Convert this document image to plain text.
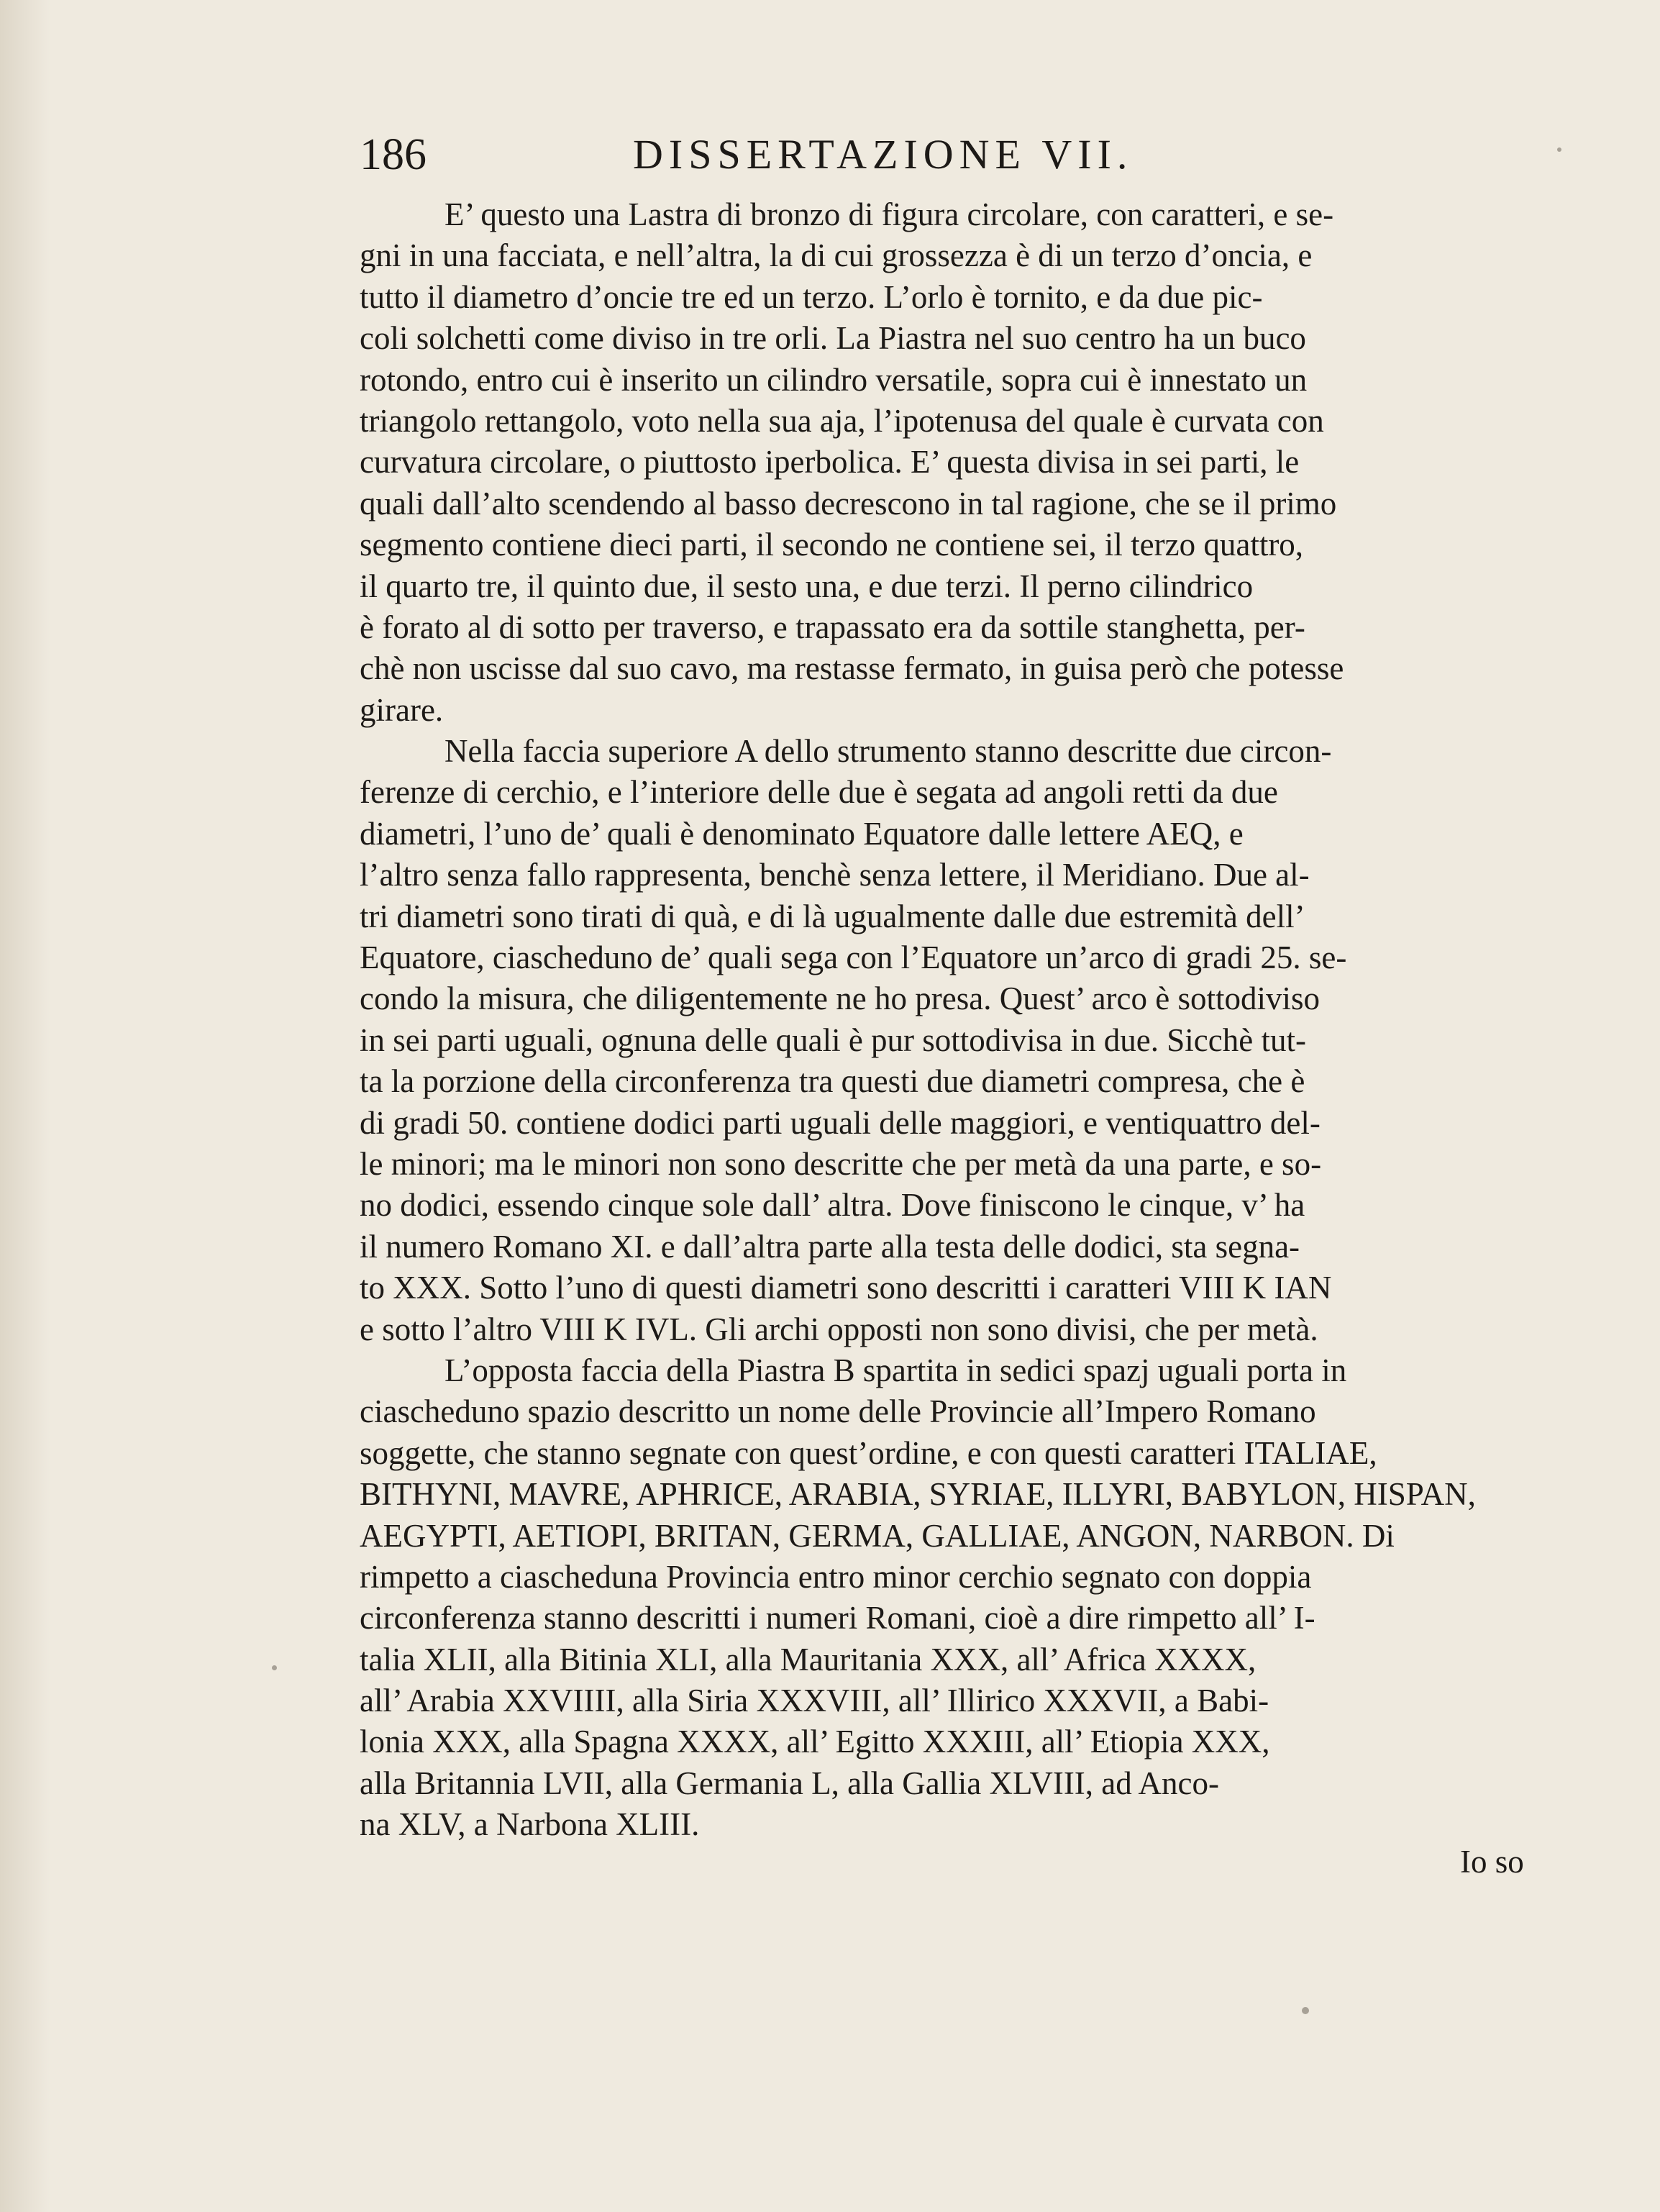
186	DISSERTAZIONE VII.
E’ questo una Lastra di bronzo di figura circolare, con caratteri, e se-
gni in una facciata, e nell’altra, la di cui grossezza è di un terzo d’oncia, e
tutto il diametro d’oncie tre ed un terzo. L’orlo è tornito, e da due pic-
coli solchetti come diviso in tre orli. La Piastra nel suo centro ha un buco
rotondo, entro cui è inserito un cilindro versatile, sopra cui è innestato un
triangolo rettangolo, voto nella sua aja, l’ipotenusa del quale è curvata con
curvatura circolare, o piuttosto iperbolica. E’ questa divisa in sei parti, le
quali dall’alto scendendo al basso decrescono in tal ragione, che se il primo
segmento contiene dieci parti, il secondo ne contiene sei, il terzo quattro,
il quarto tre, il quinto due, il sesto una, e due terzi. Il perno cilindrico
è forato al di sotto per traverso, e trapassato era da sottile stanghetta, per-
chè non uscisse dal suo cavo, ma restasse fermato, in guisa però che potesse
girare.
Nella faccia superiore A dello strumento stanno descritte due circon-
ferenze di cerchio, e l’interiore delle due è segata ad angoli retti da due
diametri, l’uno de’ quali è denominato Equatore dalle lettere AEQ, e
l’altro senza fallo rappresenta, benchè senza lettere, il Meridiano. Due al-
tri diametri sono tirati di quà, e di là ugualmente dalle due estremità dell’
Equatore, ciascheduno de’ quali sega con l’Equatore un’arco di gradi 25. se-
condo la misura, che diligentemente ne ho presa. Quest’ arco è sottodiviso
in sei parti uguali, ognuna delle quali è pur sottodivisa in due. Sicchè tut-
ta la porzione della circonferenza tra questi due diametri compresa, che è
di gradi 50. contiene dodici parti uguali delle maggiori, e ventiquattro del-
le minori; ma le minori non sono descritte che per metà da una parte, e so-
no dodici, essendo cinque sole dall’ altra. Dove finiscono le cinque, v’ ha
il numero Romano XI. e dall’altra parte alla testa delle dodici, sta segna-
to XXX. Sotto l’uno di questi diametri sono descritti i caratteri VIII K IAN
e sotto l’altro VIII K IVL. Gli archi opposti non sono divisi, che per metà.
L’opposta faccia della Piastra B spartita in sedici spazj uguali porta in
ciascheduno spazio descritto un nome delle Provincie all’Impero Romano
soggette, che stanno segnate con quest’ordine, e con questi caratteri ITALIAE,
BITHYNI, MAVRE, APHRICE, ARABIA, SYRIAE, ILLYRI, BABYLON, HISPAN,
AEGYPTI, AETIOPI, BRITAN, GERMA, GALLIAE, ANGON, NARBON. Di
rimpetto a ciascheduna Provincia entro minor cerchio segnato con doppia
circonferenza stanno descritti i numeri Romani, cioè a dire rimpetto all’ I-
talia XLII, alla Bitinia XLI, alla Mauritania XXX, all’ Africa XXXX,
all’ Arabia XXVIIII, alla Siria XXXVIII, all’ Illirico XXXVII, a Babi-
lonia XXX, alla Spagna XXXX, all’ Egitto XXXIII, all’ Etiopia XXX,
alla Britannia LVII, alla Germania L, alla Gallia XLVIII, ad Anco-
na XLV, a Narbona XLIII.
Io so
